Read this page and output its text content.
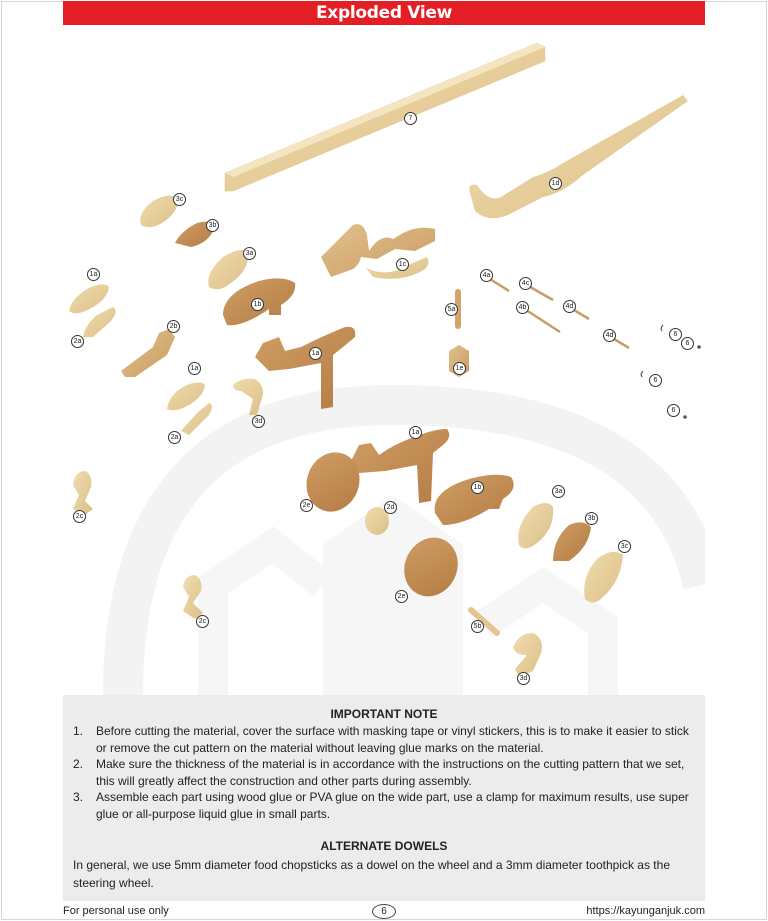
Exploded View
7
1d
3c
3b
3a
1c
1a
1b
4a
4c
5a	4b	4d
4d	6
6
2a
2b
1a
1e
6
1a
6
2a
3d
1a
1b
2e	2d
3a
3b
3c
2c
2e
5b
2c
3d
IMPORTANT NOTE
1. Before cutting the material, cover the surface with masking tape or vinyl stickers, this is to make it easier to stick or remove the cut pattern on the material without leaving glue marks on the material.
2. Make sure the thickness of the material is in accordance with the instructions on the cutting pattern that we set, this will greatly affect the construction and other parts during assembly.
3. Assemble each part using wood glue or PVA glue on the wide part, use a clamp for maximum results, use super glue or all-purpose liquid glue in small parts.
ALTERNATE DOWELS
In general, we use 5mm diameter food chopsticks as a dowel on the wheel and a 3mm diameter toothpick as the steering wheel.
For personal use only	6	https://kayunganjuk.com
